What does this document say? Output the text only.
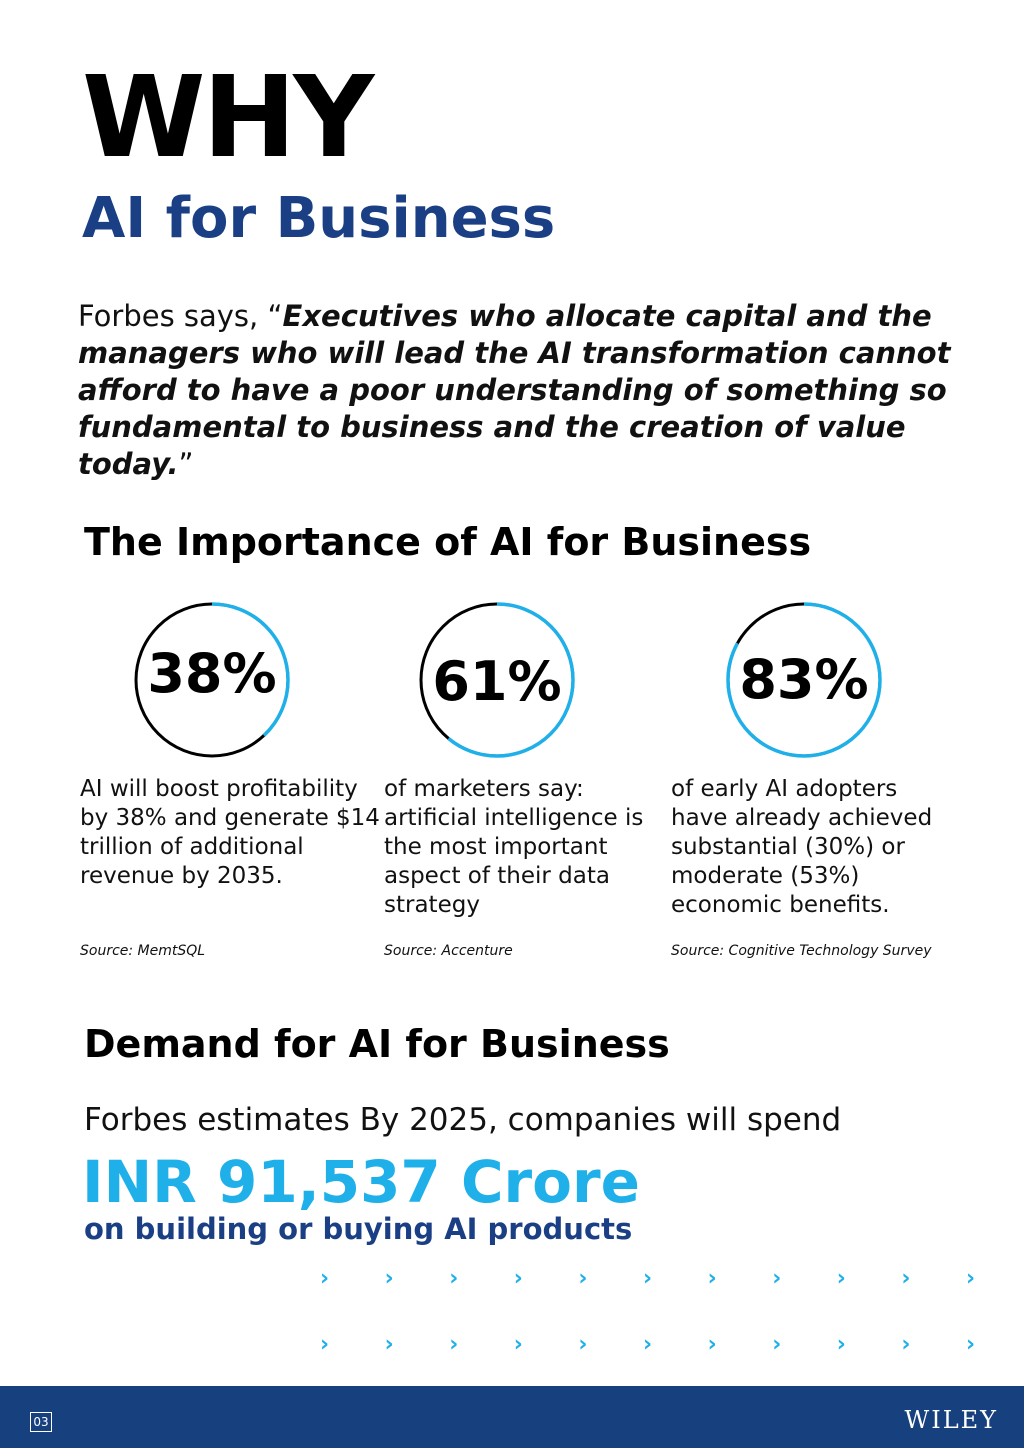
WHY
AI for Business
Forbes says, “Executives who allocate capital and the managers who will lead the AI transformation cannot afford to have a poor understanding of something so fundamental to business and the creation of value today.”
The Importance of AI for Business
38%
AI will boost profitability by 38% and generate $14 trillion of additional revenue by 2035.
Source: MemtSQL
61%
of marketers say: artificial intelligence is the most important aspect of their data strategy
Source: Accenture
83%
of early AI adopters have already achieved substantial (30%) or moderate (53%) economic benefits.
Source: Cognitive Technology Survey
Demand for AI for Business
Forbes estimates By 2025, companies will spend
INR 91,537 Crore
on building or buying AI products
›	›	›	›	›	›	›	›	›	›	›
›	›	›	›	›	›	›	›	›	›	›
03	WILEY
